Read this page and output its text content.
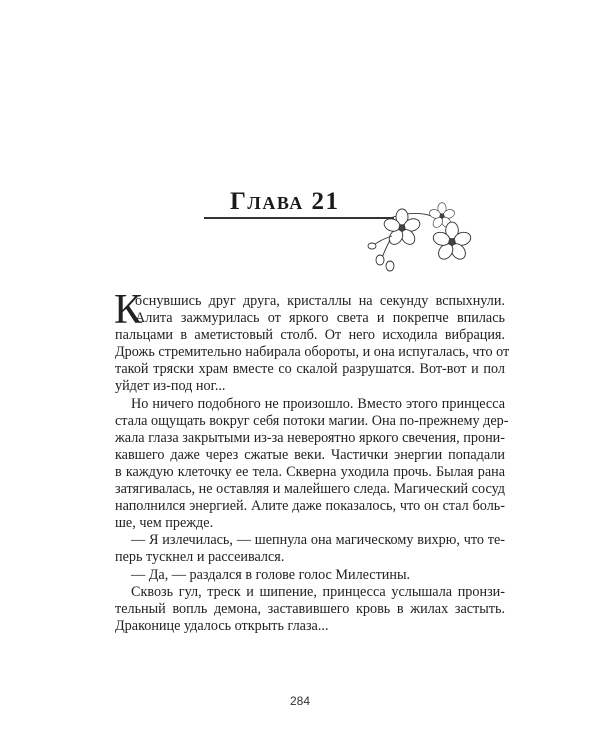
Глава 21
К
оснувшись друг друга, кристаллы на секунду вспыхнули.
Алита зажмурилась от яркого света и покрепче впилась
пальцами в аметистовый столб. От него исходила вибрация.
Дрожь стремительно набирала обороты, и она испугалась, что от
такой тряски храм вместе со скалой разрушатся. Вот-вот и пол
уйдет из-под ног...
Но ничего подобного не произошло. Вместо этого принцесса
стала ощущать вокруг себя потоки магии. Она по-прежнему дер-
жала глаза закрытыми из-за невероятно яркого свечения, прони-
кавшего даже через сжатые веки. Частички энергии попадали
в каждую клеточку ее тела. Скверна уходила прочь. Былая рана
затягивалась, не оставляя и малейшего следа. Магический сосуд
наполнился энергией. Алите даже показалось, что он стал боль-
ше, чем прежде.
— Я излечилась, — шепнула она магическому вихрю, что те-
перь тускнел и рассеивался.
— Да, — раздался в голове голос Милестины.
Сквозь гул, треск и шипение, принцесса услышала пронзи-
тельный вопль демона, заставившего кровь в жилах застыть.
Драконице удалось открыть глаза...
284
